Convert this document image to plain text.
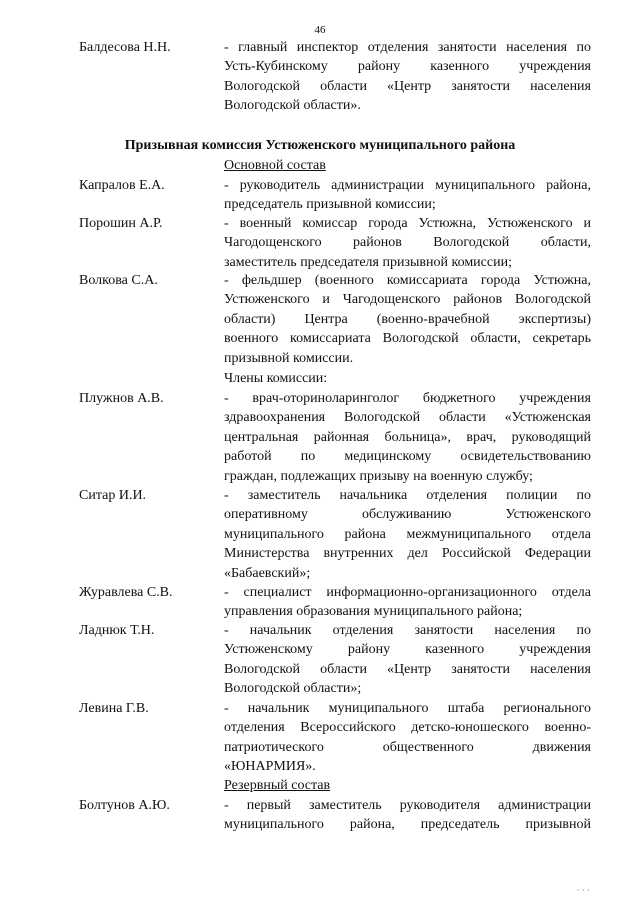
46
Балдесова Н.Н.	- главный инспектор отделения занятости населения по
Усть-Кубинскому району казенного учреждения
Вологодской области «Центр занятости населения
Вологодской области».
Призывная комиссия Устюженского муниципального района
Основной состав
Капралов Е.А.	- руководитель администрации муниципального района,
председатель призывной комиссии;
Порошин А.Р.	- военный комиссар города Устюжна, Устюженского и
Чагодощенского районов Вологодской области,
заместитель председателя призывной комиссии;
Волкова С.А.	- фельдшер (военного комиссариата города Устюжна,
Устюженского и Чагодощенского районов Вологодской
области) Центра (военно-врачебной экспертизы)
военного комиссариата Вологодской области, секретарь
призывной комиссии.
Члены комиссии:
Плужнов А.В.	- врач-оториноларинголог бюджетного учреждения
здравоохранения Вологодской области «Устюженская
центральная районная больница», врач, руководящий
работой по медицинскому освидетельствованию
граждан, подлежащих призыву на военную службу;
Ситар И.И.	- заместитель начальника отделения полиции по
оперативному обслуживанию Устюженского
муниципального района межмуниципального отдела
Министерства внутренних дел Российской Федерации
«Бабаевский»;
Журавлева С.В.	- специалист информационно-организационного отдела
управления образования муниципального района;
Ладнюк Т.Н.	- начальник отделения занятости населения по
Устюженскому району казенного учреждения
Вологодской области «Центр занятости населения
Вологодской области»;
Левина Г.В.	- начальник муниципального штаба регионального
отделения Всероссийского детско-юношеского военно-
патриотического общественного движения
«ЮНАРМИЯ».
Резервный состав
Болтунов А.Ю.	- первый заместитель руководителя администрации
муниципального района, председатель призывной
· · ·
